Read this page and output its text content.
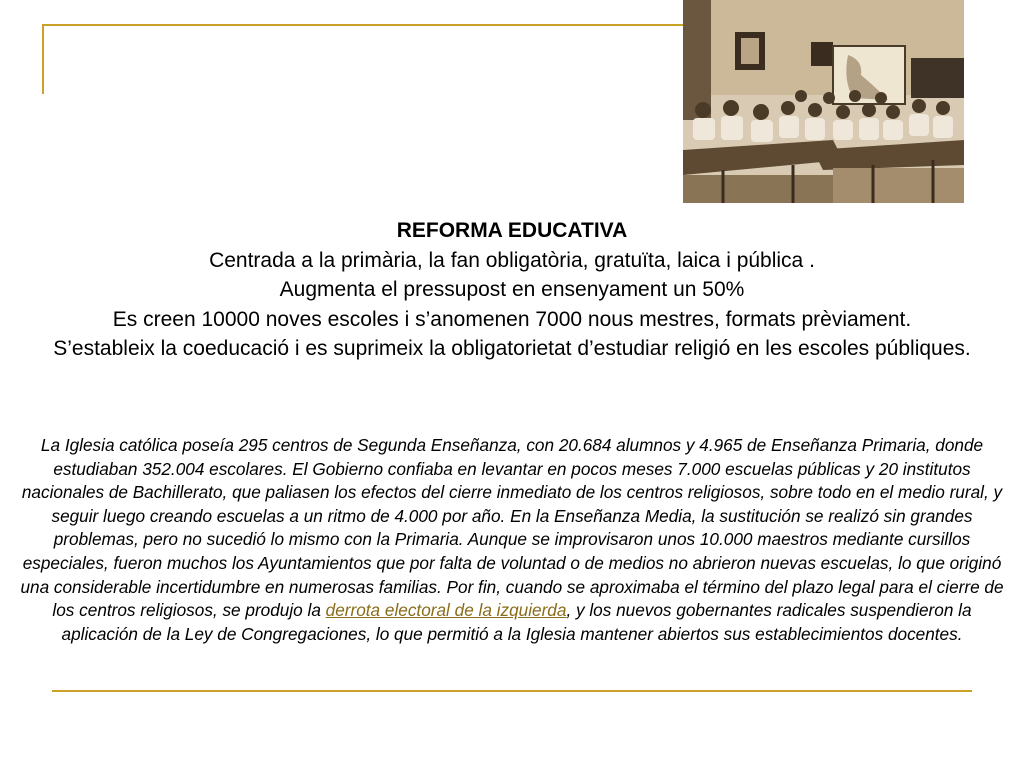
REFORMA EDUCATIVA
Centrada a la primària, la fan obligatòria, gratuïta, laica i pública .
Augmenta el pressupost en ensenyament un 50%
Es creen 10000 noves escoles i s’anomenen 7000 nous mestres, formats prèviament.
S’estableix la coeducació i es suprimeix la obligatorietat d’estudiar religió en les escoles públiques.
La Iglesia católica poseía 295 centros de Segunda Enseñanza, con 20.684 alumnos y 4.965 de Enseñanza Primaria, donde estudiaban 352.004 escolares. El Gobierno confiaba en levantar en pocos meses 7.000 escuelas públicas y 20 institutos nacionales de Bachillerato, que paliasen los efectos del cierre inmediato de los centros religiosos, sobre todo en el medio rural, y seguir luego creando escuelas a un ritmo de 4.000 por año. En la Enseñanza Media, la sustitución se realizó sin grandes problemas, pero no sucedió lo mismo con la Primaria. Aunque se improvisaron unos 10.000 maestros mediante cursillos especiales, fueron muchos los Ayuntamientos que por falta de voluntad o de medios no abrieron nuevas escuelas, lo que originó una considerable incertidumbre en numerosas familias. Por fin, cuando se aproximaba el término del plazo legal para el cierre de los centros religiosos, se produjo la derrota electoral de la izquierda, y los nuevos gobernantes radicales suspendieron la aplicación de la Ley de Congregaciones, lo que permitió a la Iglesia mantener abiertos sus establecimientos docentes.
